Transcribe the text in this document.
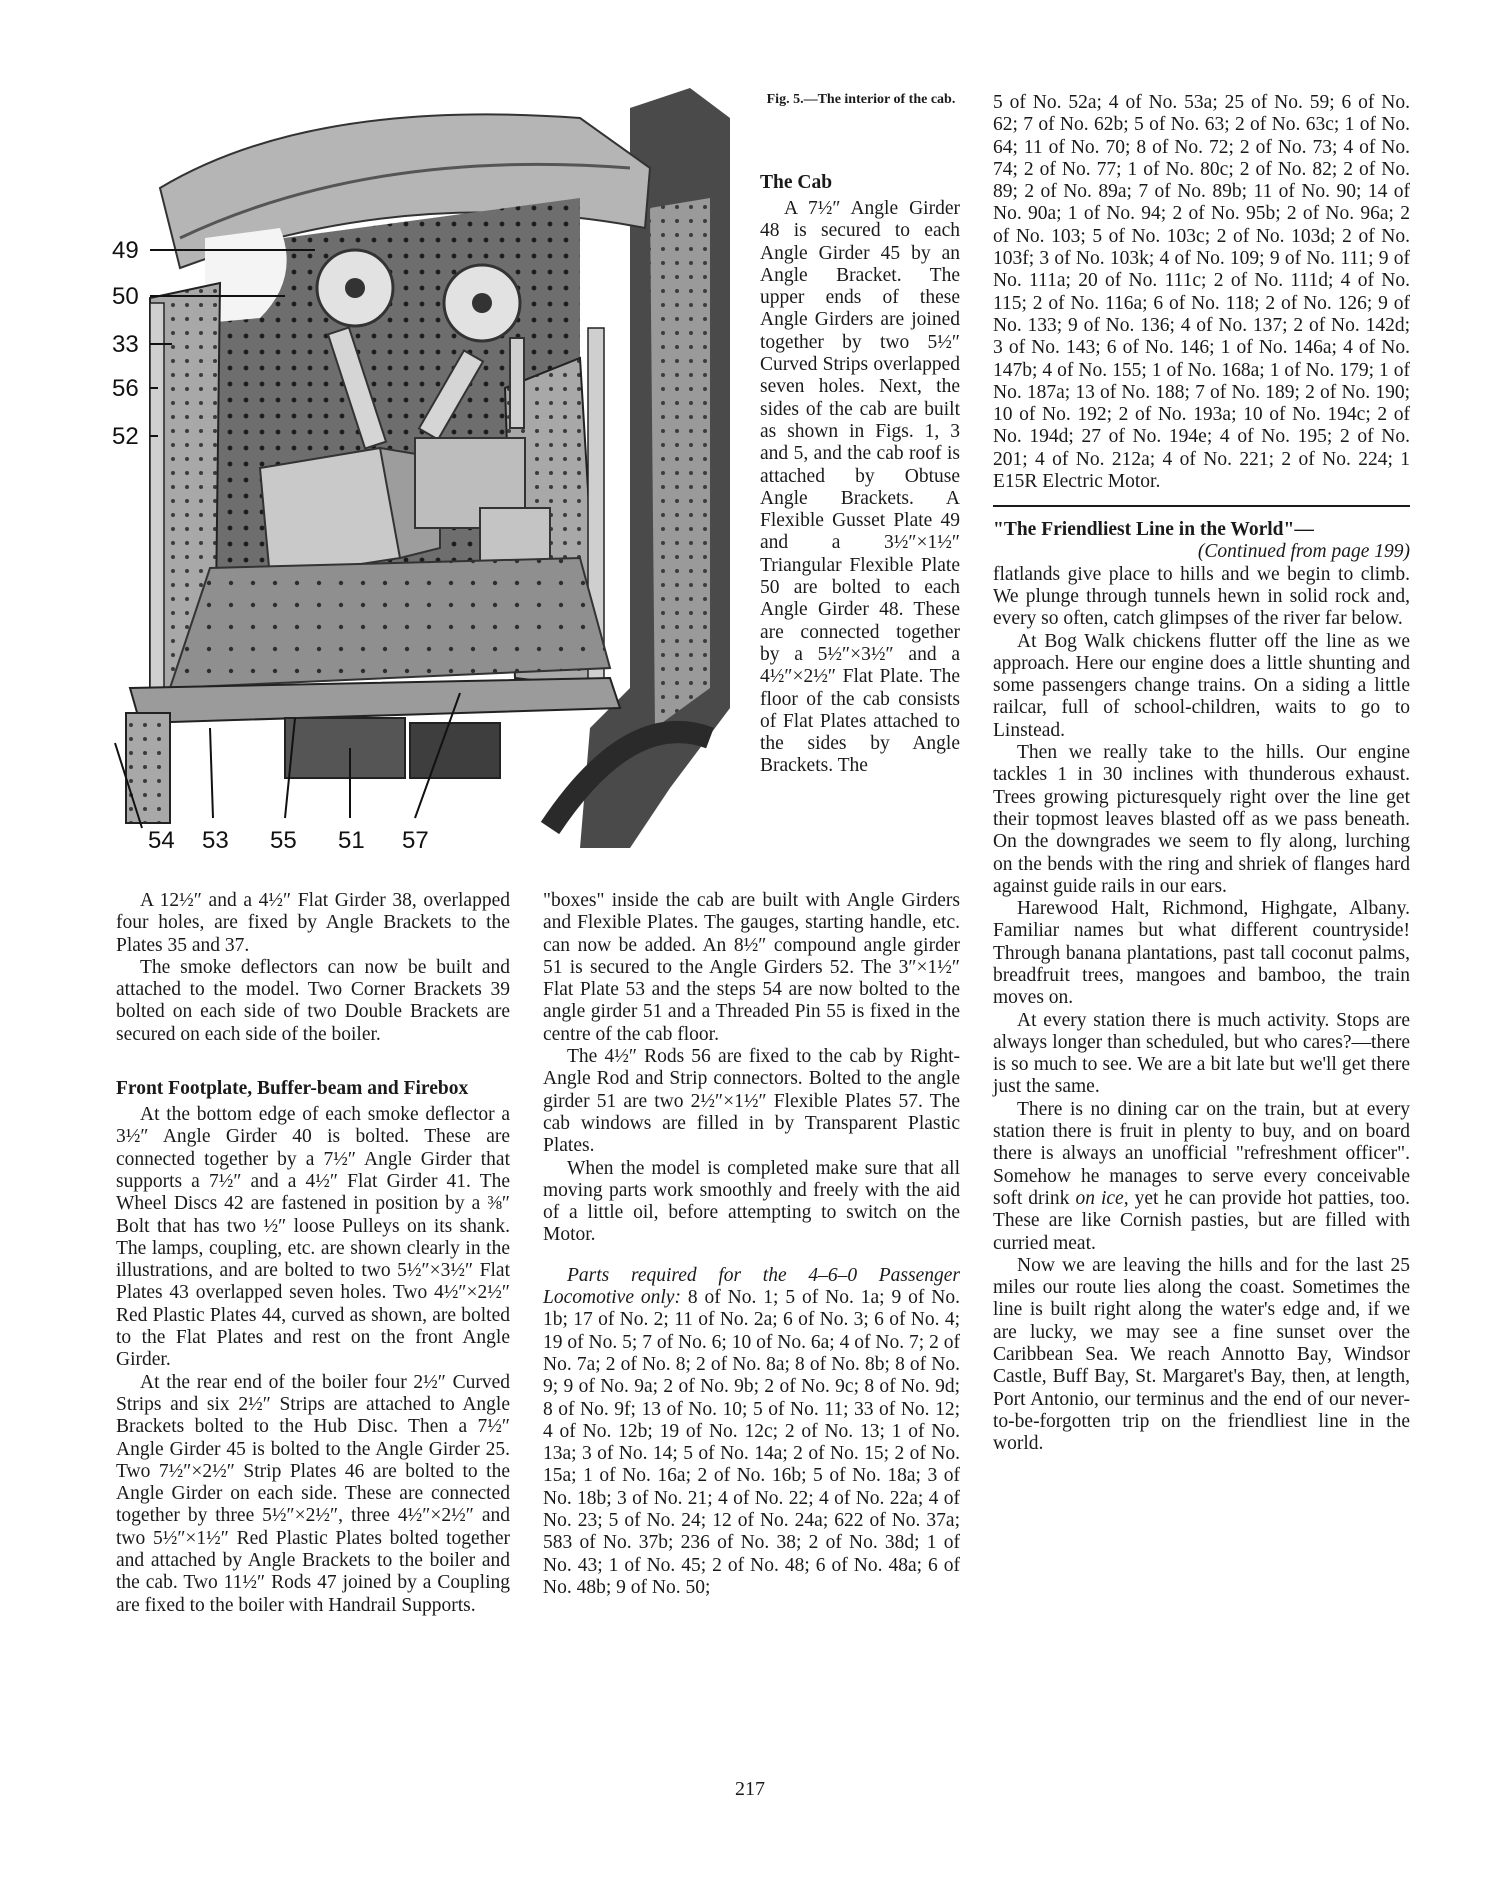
49
50
33
56
52
54 53 55 51 57
Fig. 5.—The interior of the cab.

The Cab

A 7½″ Angle Girder 48 is secured to each Angle Girder 45 by an Angle Bracket. The upper ends of these Angle Girders are joined together by two 5½″ Curved Strips overlapped seven holes. Next, the sides of the cab are built as shown in Figs. 1, 3 and 5, and the cab roof is attached by Obtuse Angle Brackets. A Flexible Gusset Plate 49 and a 3½″×1½″ Triangular Flexible Plate 50 are bolted to each Angle Girder 48. These are connected together by a 5½″×3½″ and a 4½″×2½″ Flat Plate. The floor of the cab consists of Flat Plates attached to the sides by Angle Brackets. The

A 12½″ and a 4½″ Flat Girder 38, overlapped four holes, are fixed by Angle Brackets to the Plates 35 and 37.

The smoke deflectors can now be built and attached to the model. Two Corner Brackets 39 bolted on each side of two Double Brackets are secured on each side of the boiler.

Front Footplate, Buffer-beam and Firebox

At the bottom edge of each smoke deflector a 3½″ Angle Girder 40 is bolted. These are connected together by a 7½″ Angle Girder that supports a 7½″ and a 4½″ Flat Girder 41. The Wheel Discs 42 are fastened in position by a ⅜″ Bolt that has two ½″ loose Pulleys on its shank. The lamps, coupling, etc. are shown clearly in the illustrations, and are bolted to two 5½″×3½″ Flat Plates 43 overlapped seven holes. Two 4½″×2½″ Red Plastic Plates 44, curved as shown, are bolted to the Flat Plates and rest on the front Angle Girder.

At the rear end of the boiler four 2½″ Curved Strips and six 2½″ Strips are attached to Angle Brackets bolted to the Hub Disc. Then a 7½″ Angle Girder 45 is bolted to the Angle Girder 25. Two 7½″×2½″ Strip Plates 46 are bolted to the Angle Girder on each side. These are connected together by three 5½″×2½″, three 4½″×2½″ and two 5½″×1½″ Red Plastic Plates bolted together and attached by Angle Brackets to the boiler and the cab. Two 11½″ Rods 47 joined by a Coupling are fixed to the boiler with Handrail Supports.

"boxes" inside the cab are built with Angle Girders and Flexible Plates. The gauges, starting handle, etc. can now be added. An 8½″ compound angle girder 51 is secured to the Angle Girders 52. The 3″×1½″ Flat Plate 53 and the steps 54 are now bolted to the angle girder 51 and a Threaded Pin 55 is fixed in the centre of the cab floor.

The 4½″ Rods 56 are fixed to the cab by Right-Angle Rod and Strip connectors. Bolted to the angle girder 51 are two 2½″×1½″ Flexible Plates 57. The cab windows are filled in by Transparent Plastic Plates.

When the model is completed make sure that all moving parts work smoothly and freely with the aid of a little oil, before attempting to switch on the Motor.

Parts required for the 4–6–0 Passenger Locomotive only: 8 of No. 1; 5 of No. 1a; 9 of No. 1b; 17 of No. 2; 11 of No. 2a; 6 of No. 3; 6 of No. 4; 19 of No. 5; 7 of No. 6; 10 of No. 6a; 4 of No. 7; 2 of No. 7a; 2 of No. 8; 2 of No. 8a; 8 of No. 8b; 8 of No. 9; 9 of No. 9a; 2 of No. 9b; 2 of No. 9c; 8 of No. 9d; 8 of No. 9f; 13 of No. 10; 5 of No. 11; 33 of No. 12; 4 of No. 12b; 19 of No. 12c; 2 of No. 13; 1 of No. 13a; 3 of No. 14; 5 of No. 14a; 2 of No. 15; 2 of No. 15a; 1 of No. 16a; 2 of No. 16b; 5 of No. 18a; 3 of No. 18b; 3 of No. 21; 4 of No. 22; 4 of No. 22a; 4 of No. 23; 5 of No. 24; 12 of No. 24a; 622 of No. 37a; 583 of No. 37b; 236 of No. 38; 2 of No. 38d; 1 of No. 43; 1 of No. 45; 2 of No. 48; 6 of No. 48a; 6 of No. 48b; 9 of No. 50;

5 of No. 52a; 4 of No. 53a; 25 of No. 59; 6 of No. 62; 7 of No. 62b; 5 of No. 63; 2 of No. 63c; 1 of No. 64; 11 of No. 70; 8 of No. 72; 2 of No. 73; 4 of No. 74; 2 of No. 77; 1 of No. 80c; 2 of No. 82; 2 of No. 89; 2 of No. 89a; 7 of No. 89b; 11 of No. 90; 14 of No. 90a; 1 of No. 94; 2 of No. 95b; 2 of No. 96a; 2 of No. 103; 5 of No. 103c; 2 of No. 103d; 2 of No. 103f; 3 of No. 103k; 4 of No. 109; 9 of No. 111; 9 of No. 111a; 20 of No. 111c; 2 of No. 111d; 4 of No. 115; 2 of No. 116a; 6 of No. 118; 2 of No. 126; 9 of No. 133; 9 of No. 136; 4 of No. 137; 2 of No. 142d; 3 of No. 143; 6 of No. 146; 1 of No. 146a; 4 of No. 147b; 4 of No. 155; 1 of No. 168a; 1 of No. 179; 1 of No. 187a; 13 of No. 188; 7 of No. 189; 2 of No. 190; 10 of No. 192; 2 of No. 193a; 10 of No. 194c; 2 of No. 194d; 27 of No. 194e; 4 of No. 195; 2 of No. 201; 4 of No. 212a; 4 of No. 221; 2 of No. 224; 1 E15R Electric Motor.

"The Friendliest Line in the World"—

(Continued from page 199)

flatlands give place to hills and we begin to climb. We plunge through tunnels hewn in solid rock and, every so often, catch glimpses of the river far below.

At Bog Walk chickens flutter off the line as we approach. Here our engine does a little shunting and some passengers change trains. On a siding a little railcar, full of school-children, waits to go to Linstead.

Then we really take to the hills. Our engine tackles 1 in 30 inclines with thunderous exhaust. Trees growing picturesquely right over the line get their topmost leaves blasted off as we pass beneath. On the downgrades we seem to fly along, lurching on the bends with the ring and shriek of flanges hard against guide rails in our ears.

Harewood Halt, Richmond, Highgate, Albany. Familiar names but what different countryside! Through banana plantations, past tall coconut palms, breadfruit trees, mangoes and bamboo, the train moves on.

At every station there is much activity. Stops are always longer than scheduled, but who cares?—there is so much to see. We are a bit late but we'll get there just the same.

There is no dining car on the train, but at every station there is fruit in plenty to buy, and on board there is always an unofficial "refreshment officer". Somehow he manages to serve every conceivable soft drink on ice, yet he can provide hot patties, too. These are like Cornish pasties, but are filled with curried meat.

Now we are leaving the hills and for the last 25 miles our route lies along the coast. Sometimes the line is built right along the water's edge and, if we are lucky, we may see a fine sunset over the Caribbean Sea. We reach Annotto Bay, Windsor Castle, Buff Bay, St. Margaret's Bay, then, at length, Port Antonio, our terminus and the end of our never-to-be-forgotten trip on the friendliest line in the world.

217
